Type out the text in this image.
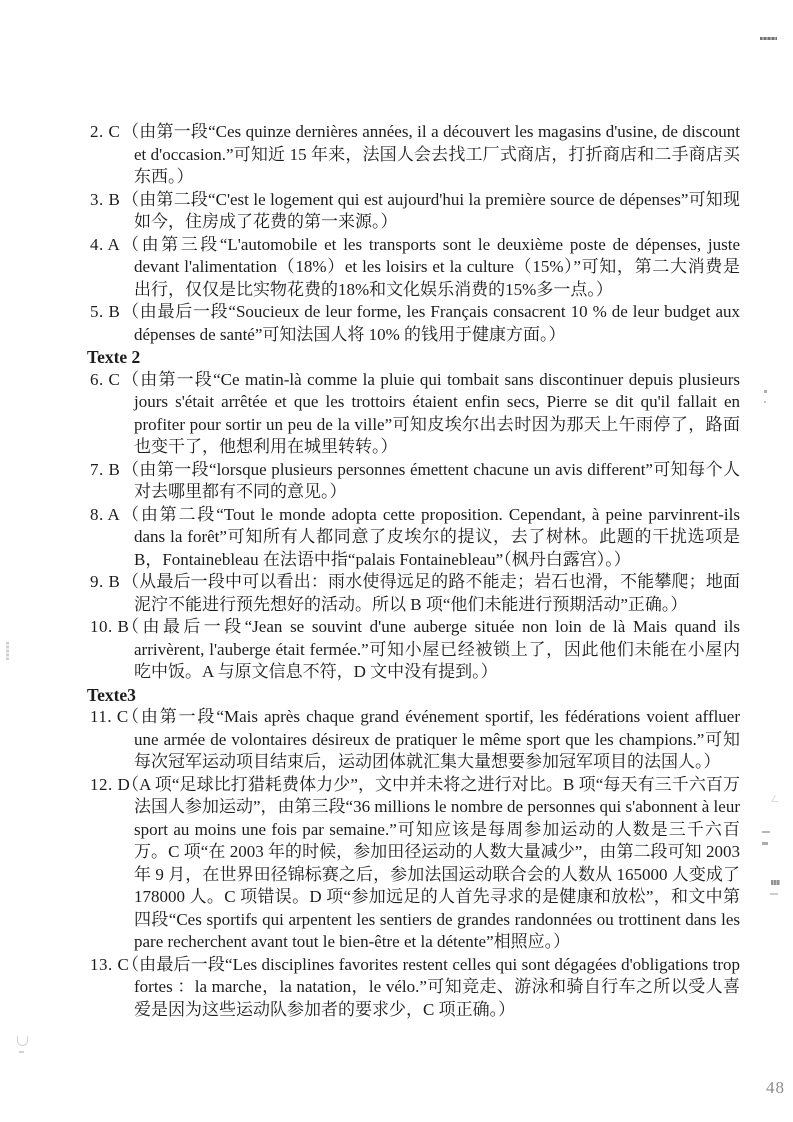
2. C （由第一段“Ces quinze dernières années, il a découvert les magasins d'usine, de discount et d'occasion.”可知近 15 年来，法国人会去找工厂式商店，打折商店和二手商店买东西。）

3. B （由第二段“C'est le logement qui est aujourd'hui la première source de dépenses”可知现如今，住房成了花费的第一来源。）

4. A （由第三段“L'automobile et les transports sont le deuxième poste de dépenses, juste devant l'alimentation（18%）et les loisirs et la culture（15%）”可知，第二大消费是出行，仅仅是比实物花费的18%和文化娱乐消费的15%多一点。）

5. B （由最后一段“Soucieux de leur forme, les Français consacrent 10 % de leur budget aux dépenses de santé”可知法国人将 10% 的钱用于健康方面。）

Texte 2
6. C （由第一段“Ce matin-là comme la pluie qui tombait sans discontinuer depuis plusieurs jours s'était arrêtée et que les trottoirs étaient enfin secs, Pierre se dit qu'il fallait en profiter pour sortir un peu de la ville”可知皮埃尔出去时因为那天上午雨停了，路面也变干了，他想利用在城里转转。）

7. B （由第一段“lorsque plusieurs personnes émettent chacune un avis different”可知每个人对去哪里都有不同的意见。）

8. A （由第二段“Tout le monde adopta cette proposition. Cependant, à peine parvinrent-ils dans la forêt”可知所有人都同意了皮埃尔的提议，去了树林。此题的干扰选项是 B，Fontainebleau 在法语中指“palais Fontainebleau”（枫丹白露宫）。）

9. B （从最后一段中可以看出：雨水使得远足的路不能走；岩石也滑，不能攀爬；地面泥泞不能进行预先想好的活动。所以 B 项“他们未能进行预期活动”正确。）

10. B

（由最后一段“Jean se souvint d'une auberge située non loin de là Mais quand ils arrivèrent, l'auberge était fermée.”可知小屋已经被锁上了，因此他们未能在小屋内吃中饭。A 与原文信息不符，D 文中没有提到。）

Texte3
11. C

（由第一段“Mais après chaque grand événement sportif, les fédérations voient affluer une armée de volontaires désireux de pratiquer le même sport que les champions.”可知每次冠军运动项目结束后，运动团体就汇集大量想要参加冠军项目的法国人。）

12. D

（A 项“足球比打猎耗费体力少”，文中并未将之进行对比。B 项“每天有三千六百万法国人参加运动”，由第三段“36 millions le nombre de personnes qui s'abonnent à leur sport au moins une fois par semaine.”可知应该是每周参加运动的人数是三千六百万。C 项“在 2003 年的时候，参加田径运动的人数大量减少”，由第二段可知 2003 年 9 月，在世界田径锦标赛之后，参加法国运动联合会的人数从 165000 人变成了 178000 人。C 项错误。D 项“参加远足的人首先寻求的是健康和放松”，和文中第四段“Ces sportifs qui arpentent les sentiers de grandes randonnées ou trottinent dans les pare recherchent avant tout le bien-être et la détente”相照应。）

13. C

（由最后一段“Les disciplines favorites restent celles qui sont dégagées d'obligations trop fortes ：la marche，la natation，le vélo.”可知竞走、游泳和骑自行车之所以受人喜爱是因为这些运动队参加者的要求少，C 项正确。）

48
